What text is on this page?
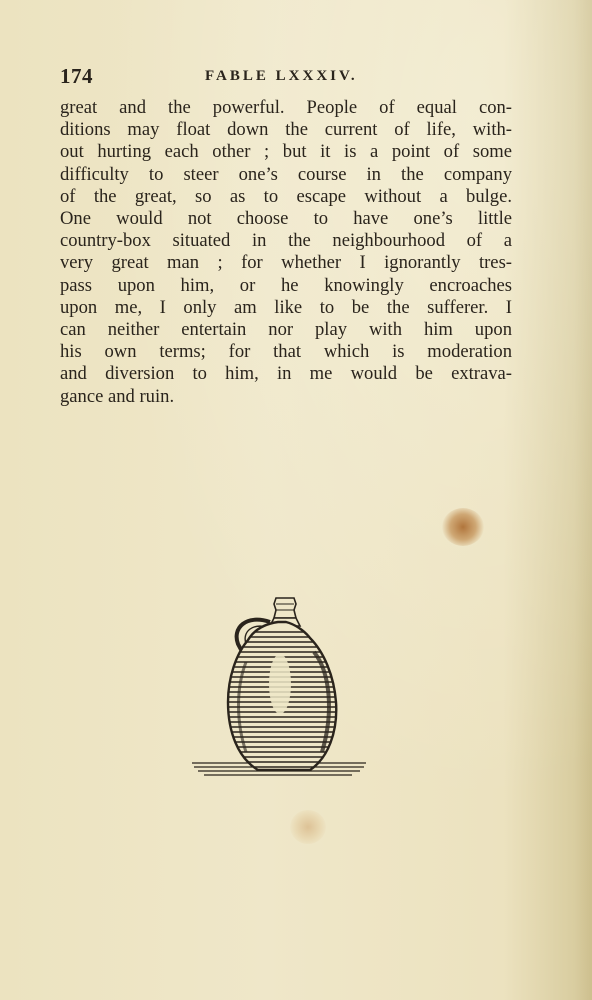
174	FABLE LXXXIV.
great and the powerful. People of equal con-
ditions may float down the current of life, with-
out hurting each other ; but it is a point of some
difficulty to steer one’s course in the company
of the great, so as to escape without a bulge.
One would not choose to have one’s little
country-box situated in the neighbourhood of a
very great man ; for whether I ignorantly tres-
pass upon him, or he knowingly encroaches
upon me, I only am like to be the sufferer. I
can neither entertain nor play with him upon
his own terms; for that which is moderation
and diversion to him, in me would be extrava-
gance and ruin.
